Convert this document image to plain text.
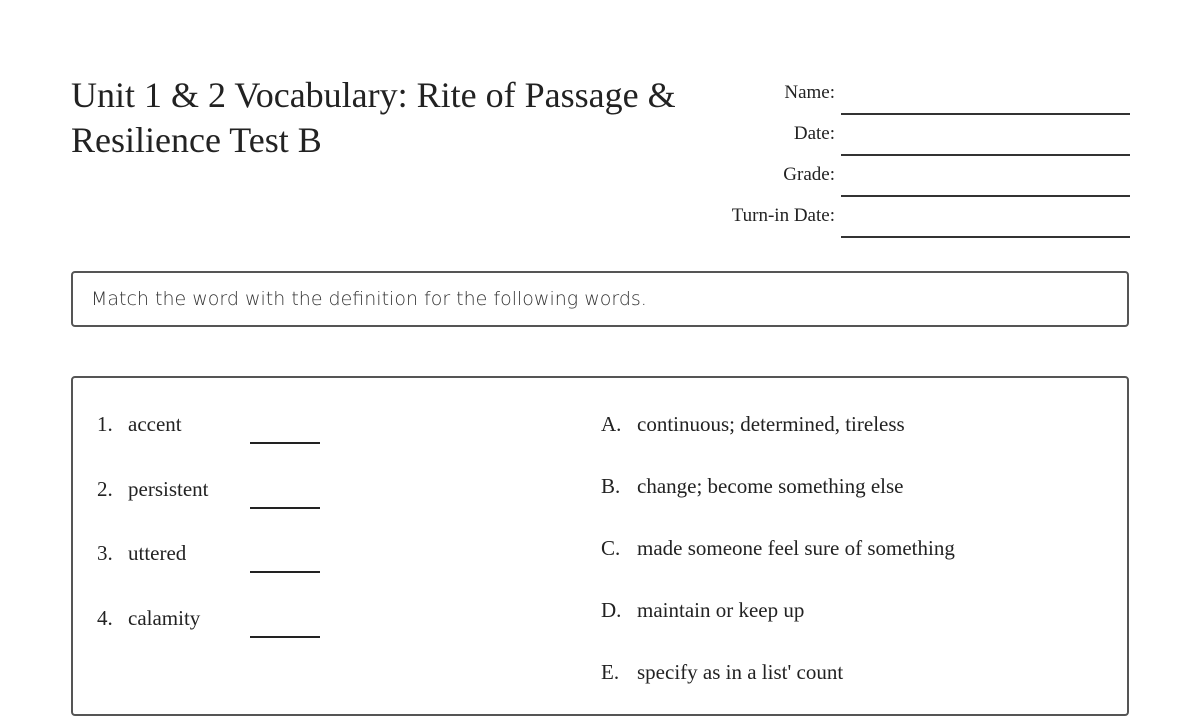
Unit 1 & 2 Vocabulary: Rite of Passage & Resilience Test B
Name:
Date:
Grade:
Turn-in Date:
Match the word with the definition for the following words.
1. accent
2. persistent
3. uttered
4. calamity
A. continuous; determined, tireless
B. change; become something else
C. made someone feel sure of something
D. maintain or keep up
E. specify as in a list' count
